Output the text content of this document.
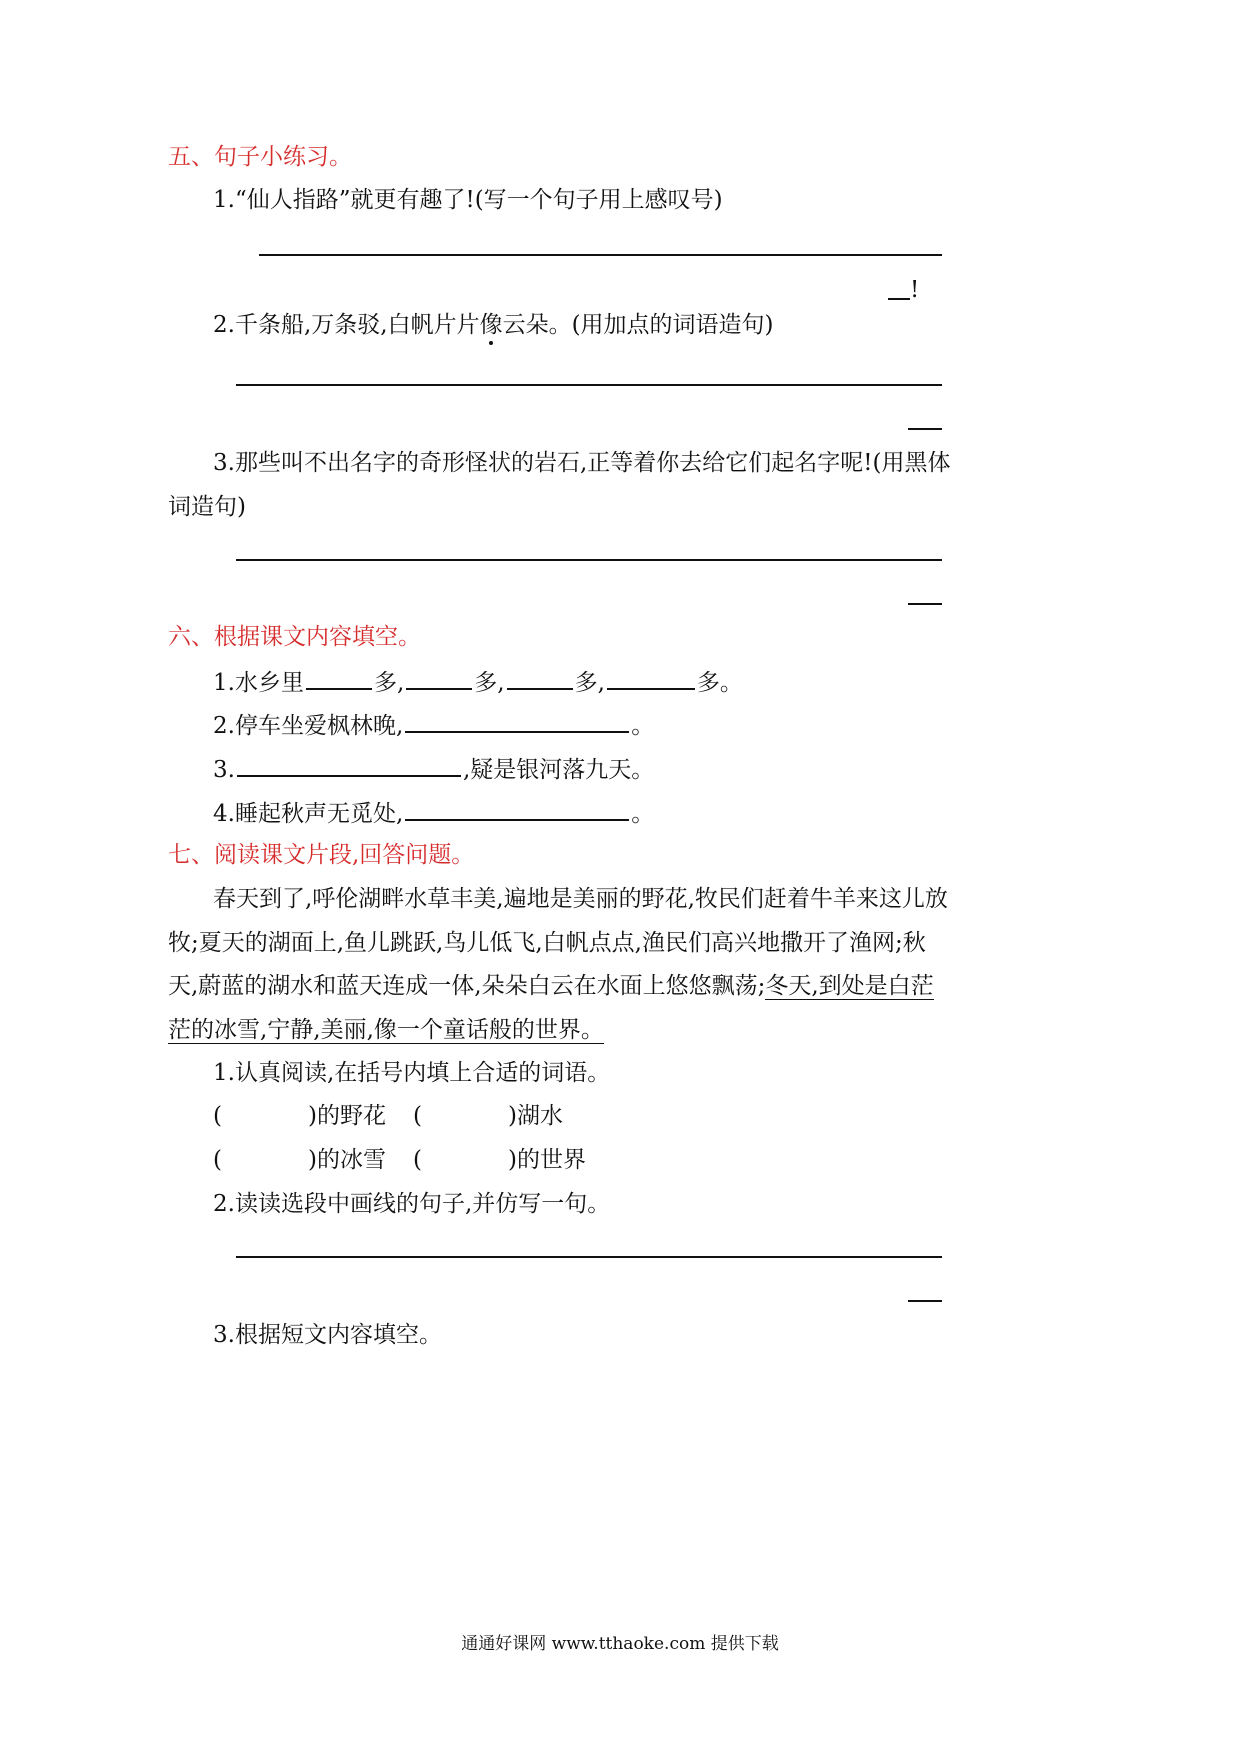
五、句子小练习。
1.“仙人指路”就更有趣了!(写一个句子用上感叹号)
!
2.千条船,万条驳,白帆片片像云朵。(用加点的词语造句)
3.那些叫不出名字的奇形怪状的岩石,正等着你去给它们起名字呢!(用黑体
词造句)
六、根据课文内容填空。
1.水乡里	多,	多,	多,	多。
2.停车坐爱枫林晚,	。
3.	,疑是银河落九天。
4.睡起秋声无觅处,	。
七、阅读课文片段,回答问题。
春天到了,呼伦湖畔水草丰美,遍地是美丽的野花,牧民们赶着牛羊来这儿放
牧;夏天的湖面上,鱼儿跳跃,鸟儿低飞,白帆点点,渔民们高兴地撒开了渔网;秋
天,蔚蓝的湖水和蓝天连成一体,朵朵白云在水面上悠悠飘荡;冬天,到处是白茫
茫的冰雪,宁静,美丽,像一个童话般的世界。
1.认真阅读,在括号内填上合适的词语。
(	)的野花 (	)湖水
(	)的冰雪 (	)的世界
2.读读选段中画线的句子,并仿写一句。
3.根据短文内容填空。
通通好课网 www.tthaoke.com 提供下载
